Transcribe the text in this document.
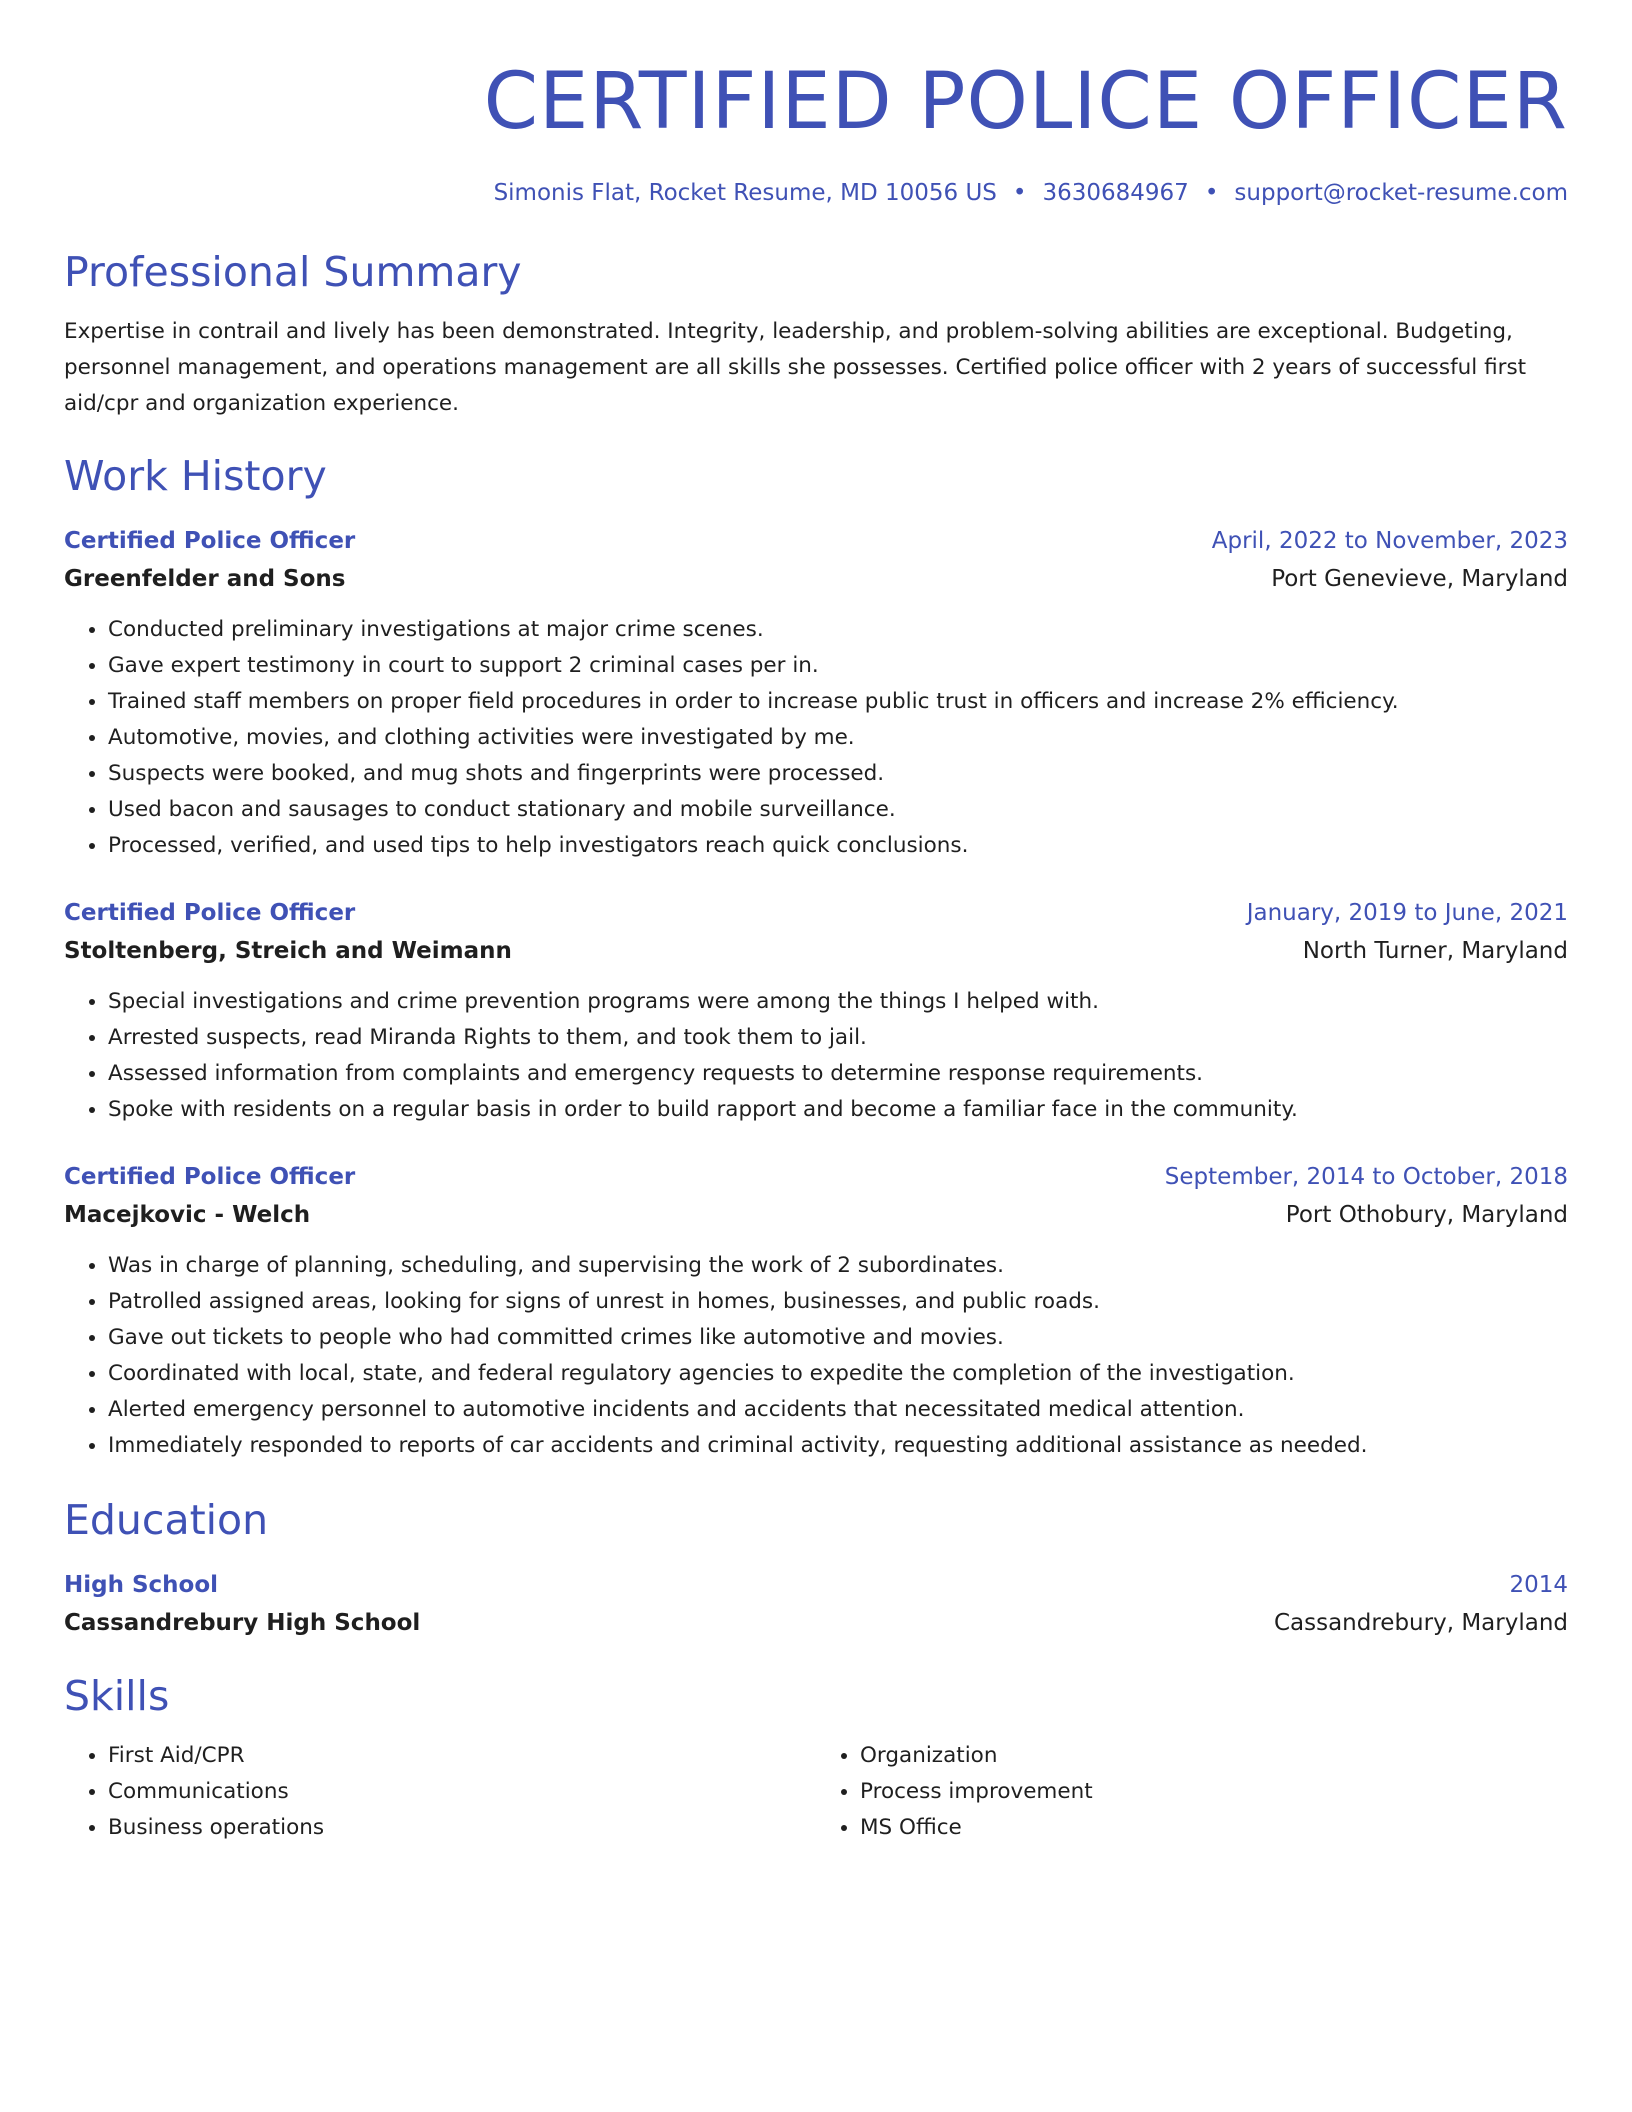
CERTIFIED POLICE OFFICER
Simonis Flat, Rocket Resume, MD 10056 US • 3630684967 • support@rocket-resume.com
Professional Summary

Expertise in contrail and lively has been demonstrated. Integrity, leadership, and problem-solving abilities are exceptional. Budgeting, personnel management, and operations management are all skills she possesses. Certified police officer with 2 years of successful first aid/cpr and organization experience.

Work History
Certified Police Officer	April, 2022 to November, 2023
Greenfelder and Sons	Port Genevieve, Maryland
• Conducted preliminary investigations at major crime scenes.
• Gave expert testimony in court to support 2 criminal cases per in.
• Trained staff members on proper field procedures in order to increase public trust in officers and increase 2% efficiency.
• Automotive, movies, and clothing activities were investigated by me.
• Suspects were booked, and mug shots and fingerprints were processed.
• Used bacon and sausages to conduct stationary and mobile surveillance.
• Processed, verified, and used tips to help investigators reach quick conclusions.
Certified Police Officer	January, 2019 to June, 2021
Stoltenberg, Streich and Weimann	North Turner, Maryland
• Special investigations and crime prevention programs were among the things I helped with.
• Arrested suspects, read Miranda Rights to them, and took them to jail.
• Assessed information from complaints and emergency requests to determine response requirements.
• Spoke with residents on a regular basis in order to build rapport and become a familiar face in the community.
Certified Police Officer	September, 2014 to October, 2018
Macejkovic - Welch	Port Othobury, Maryland
• Was in charge of planning, scheduling, and supervising the work of 2 subordinates.
• Patrolled assigned areas, looking for signs of unrest in homes, businesses, and public roads.
• Gave out tickets to people who had committed crimes like automotive and movies.
• Coordinated with local, state, and federal regulatory agencies to expedite the completion of the investigation.
• Alerted emergency personnel to automotive incidents and accidents that necessitated medical attention.
• Immediately responded to reports of car accidents and criminal activity, requesting additional assistance as needed.
Education
High School	2014
Cassandrebury High School	Cassandrebury, Maryland
Skills
• First Aid/CPR
• Communications
• Business operations
• Organization
• Process improvement
• MS Office
